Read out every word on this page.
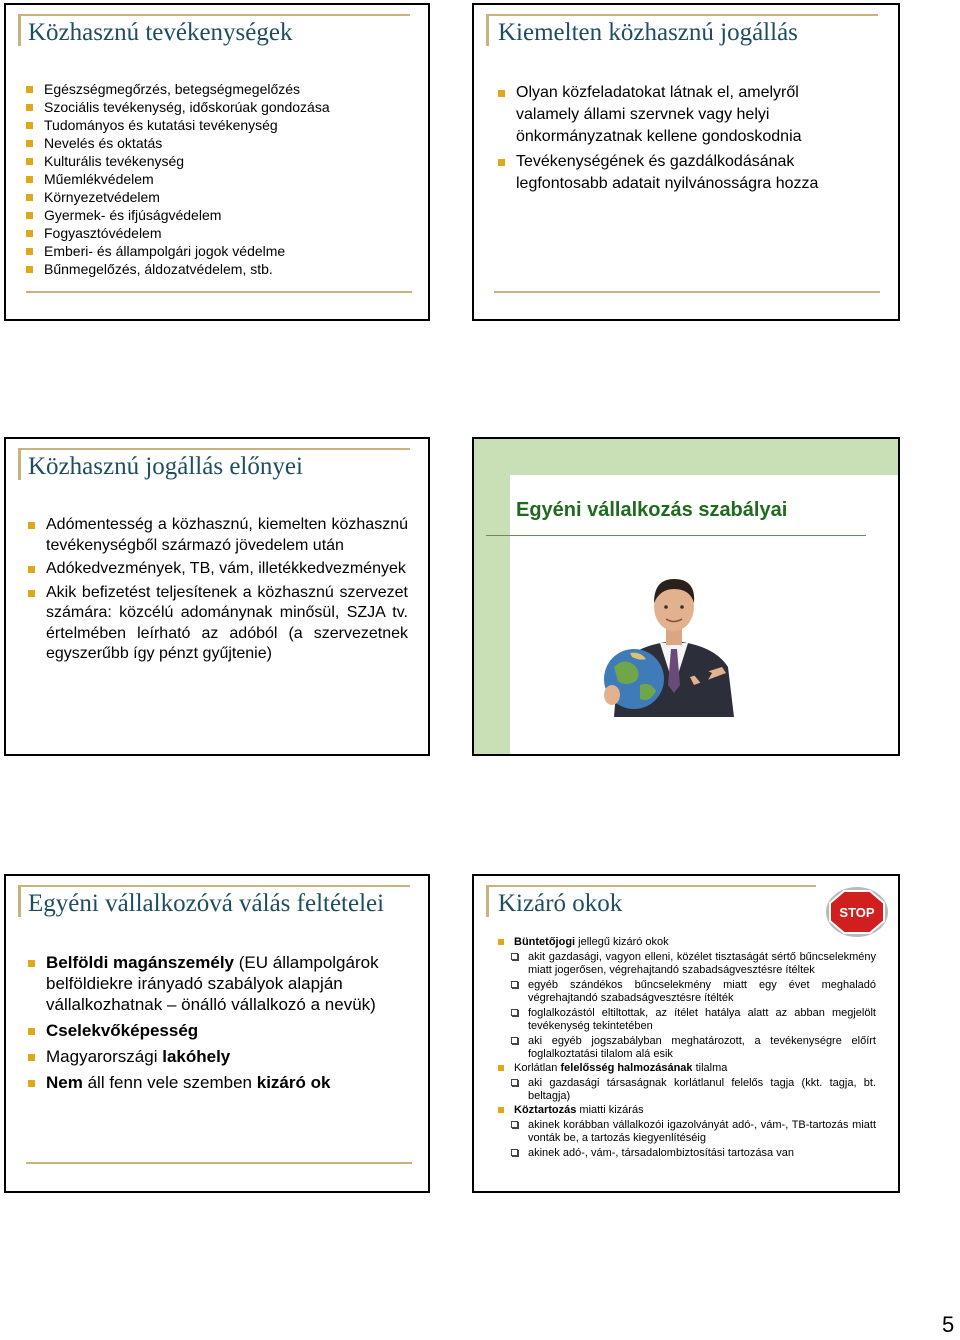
Közhasznú tevékenységek
Egészségmegőrzés, betegségmegelőzés
Szociális tevékenység, időskorúak gondozása
Tudományos és kutatási tevékenység
Nevelés és oktatás
Kulturális tevékenység
Műemlékvédelem
Környezetvédelem
Gyermek- és ifjúságvédelem
Fogyasztóvédelem
Emberi- és állampolgári jogok védelme
Bűnmegelőzés, áldozatvédelem, stb.
Kiemelten közhasznú jogállás
Olyan közfeladatokat látnak el, amelyről valamely állami szervnek vagy helyi önkormányzatnak kellene gondoskodnia
Tevékenységének és gazdálkodásának legfontosabb adatait nyilvánosságra hozza
Közhasznú jogállás előnyei
Adómentesség a közhasznú, kiemelten közhasznú tevékenységből származó jövedelem után
Adókedvezmények, TB, vám, illetékkedvezmények
Akik befizetést teljesítenek a közhasznú szervezet számára: közcélú adománynak minősül, SZJA tv. értelmében leírható az adóból (a szervezetnek egyszerűbb így pénzt gyűjtenie)
Egyéni vállalkozás szabályai
Egyéni vállalkozóvá válás feltételei
Belföldi magánszemély (EU állampolgárok belföldiekre irányadó szabályok alapján vállalkozhatnak – önálló vállalkozó a nevük)
Cselekvőképesség
Magyarországi lakóhely
Nem áll fenn vele szemben kizáró ok
Kizáró okok	STOP
Büntetőjogi jellegű kizáró okok
akit gazdasági, vagyon elleni, közélet tisztaságát sértő bűncselekmény miatt jogerősen, végrehajtandó szabadságvesztésre ítéltek
egyéb szándékos bűncselekmény miatt egy évet meghaladó végrehajtandó szabadságvesztésre ítélték
foglalkozástól eltiltottak, az ítélet hatálya alatt az abban megjelölt tevékenység tekintetében
aki egyéb jogszabályban meghatározott, a tevékenységre előírt foglalkoztatási tilalom alá esik
Korlátlan felelősség halmozásának tilalma
aki gazdasági társaságnak korlátlanul felelős tagja (kkt. tagja, bt. beltagja)
Köztartozás miatti kizárás
akinek korábban vállalkozói igazolványát adó-, vám-, TB-tartozás miatt vonták be, a tartozás kiegyenlítéséig
akinek adó-, vám-, társadalombiztosítási tartozása van
5
